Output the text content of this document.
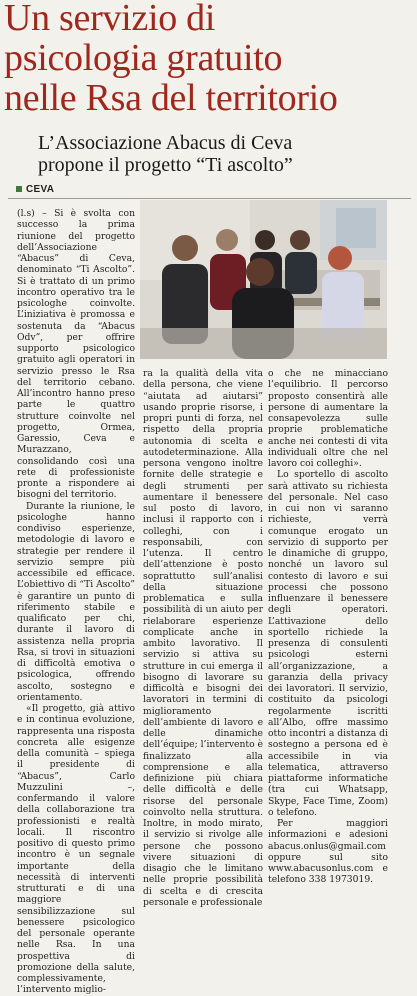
Un servizio di
psicologia gratuito
nelle Rsa del territorio
L’Associazione Abacus di Ceva
propone il progetto “Ti ascolto”
CEVA

(l.s) – Si è svolta con successo la prima riunione del progetto dell’Associazione “Abacus” di Ceva, denominato “Ti Ascolto”. Si è trattato di un primo incontro operativo tra le psicologhe coinvolte. L’iniziativa è promossa e sostenuta da “Abacus Odv”, per offrire supporto psicologico gratuito agli operatori in servizio presso le Rsa del territorio cebano. All’incontro hanno preso parte le quattro strutture coinvolte nel progetto, Ormea, Garessio, Ceva e Murazzano, consolidando così una rete di professioniste pronte a rispondere ai bisogni del territorio.

Durante la riunione, le psicologhe hanno condiviso esperienze, metodologie di lavoro e strategie per rendere il servizio sempre più accessibile ed efficace. L’obiettivo di “Ti Ascolto” è garantire un punto di riferimento stabile e qualificato per chi, durante il lavoro di assistenza nella propria Rsa, si trovi in situazioni di difficoltà emotiva o psicologica, offrendo ascolto, sostegno e orientamento.

«Il progetto, già attivo e in continua evoluzione, rappresenta una risposta concreta alle esigenze della comunità – spiega il presidente di “Abacus”, Carlo Muzzulini –, confermando il valore della collaborazione tra professionisti e realtà locali. Il riscontro positivo di questo primo incontro è un segnale importante della necessità di interventi strutturati e di una maggiore sensibilizzazione sul benessere psicologico del personale operante nelle Rsa. In una prospettiva di promozione della salute, complessivamente, l’intervento miglio-

ra la qualità della vita della persona, che viene “aiutata ad aiutarsi” usando proprie risorse, i propri punti di forza, nel rispetto della propria autonomia di scelta e autodeterminazione. Alla persona vengono inoltre fornite delle strategie e degli strumenti per aumentare il benessere sul posto di lavoro, inclusi il rapporto con i colleghi, con i responsabili, con l’utenza. Il centro dell’attenzione è posto soprattutto sull’analisi della situazione problematica e sulla possibilità di un aiuto per rielaborare esperienze complicate anche in ambito lavorativo. Il servizio si attiva su strutture in cui emerga il bisogno di lavorare su difficoltà e bisogni dei lavoratori in termini di miglioramento dell’ambiente di lavoro e delle dinamiche dell’équipe; l’intervento è finalizzato alla comprensione e alla definizione più chiara delle difficoltà e delle risorse del personale coinvolto nella struttura. Inoltre, in modo mirato, il servizio si rivolge alle persone che possono vivere situazioni di disagio che le limitano nelle proprie possibilità di scelta e di crescita personale e professionale

o che ne minacciano l’equilibrio. Il percorso proposto consentirà alle persone di aumentare la consapevolezza sulle proprie problematiche anche nei contesti di vita individuali oltre che nel lavoro coi colleghi».

Lo sportello di ascolto sarà attivato su richiesta del personale. Nel caso in cui non vi saranno richieste, verrà comunque erogato un servizio di supporto per le dinamiche di gruppo, nonché un lavoro sul contesto di lavoro e sui processi che possono influenzare il benessere degli operatori. L’attivazione dello sportello richiede la presenza di consulenti psicologi esterni all’organizzazione, a garanzia della privacy dei lavoratori. Il servizio, costituito da psicologi regolarmente iscritti all’Albo, offre massimo otto incontri a distanza di sostegno a persona ed è accessibile in via telematica, attraverso piattaforme informatiche (tra cui Whatsapp, Skype, Face Time, Zoom) o telefono.

Per maggiori informazioni e adesioni abacus.onlus@gmail.com oppure sul sito www.abacusonlus.com e telefono 338 1973019.
